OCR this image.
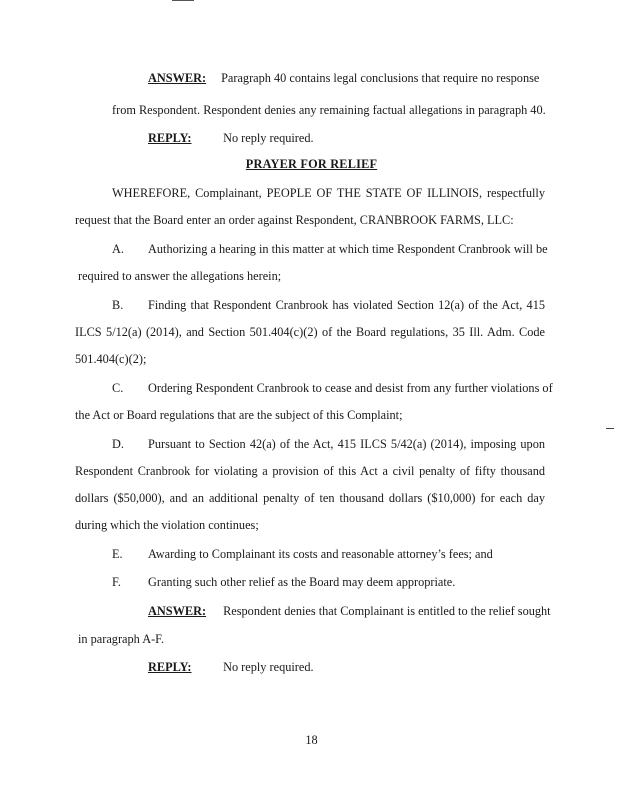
ANSWER: Paragraph 40 contains legal conclusions that require no response
from Respondent. Respondent denies any remaining factual allegations in paragraph 40.
REPLY:	No reply required.
PRAYER FOR RELIEF
WHEREFORE, Complainant, PEOPLE OF THE STATE OF ILLINOIS, respectfully
request that the Board enter an order against Respondent, CRANBROOK FARMS, LLC:
A. Authorizing a hearing in this matter at which time Respondent Cranbrook will be
required to answer the allegations herein;
B. Finding that Respondent Cranbrook has violated Section 12(a) of the Act, 415
ILCS 5/12(a) (2014), and Section 501.404(c)(2) of the Board regulations, 35 Ill. Adm. Code
501.404(c)(2);
C. Ordering Respondent Cranbrook to cease and desist from any further violations of
the Act or Board regulations that are the subject of this Complaint;
D. Pursuant to Section 42(a) of the Act, 415 ILCS 5/42(a) (2014), imposing upon
Respondent Cranbrook for violating a provision of this Act a civil penalty of fifty thousand
dollars ($50,000), and an additional penalty of ten thousand dollars ($10,000) for each day
during which the violation continues;
E. Awarding to Complainant its costs and reasonable attorney’s fees; and
F. Granting such other relief as the Board may deem appropriate.
ANSWER: Respondent denies that Complainant is entitled to the relief sought
in paragraph A-F.
REPLY:	No reply required.
18
